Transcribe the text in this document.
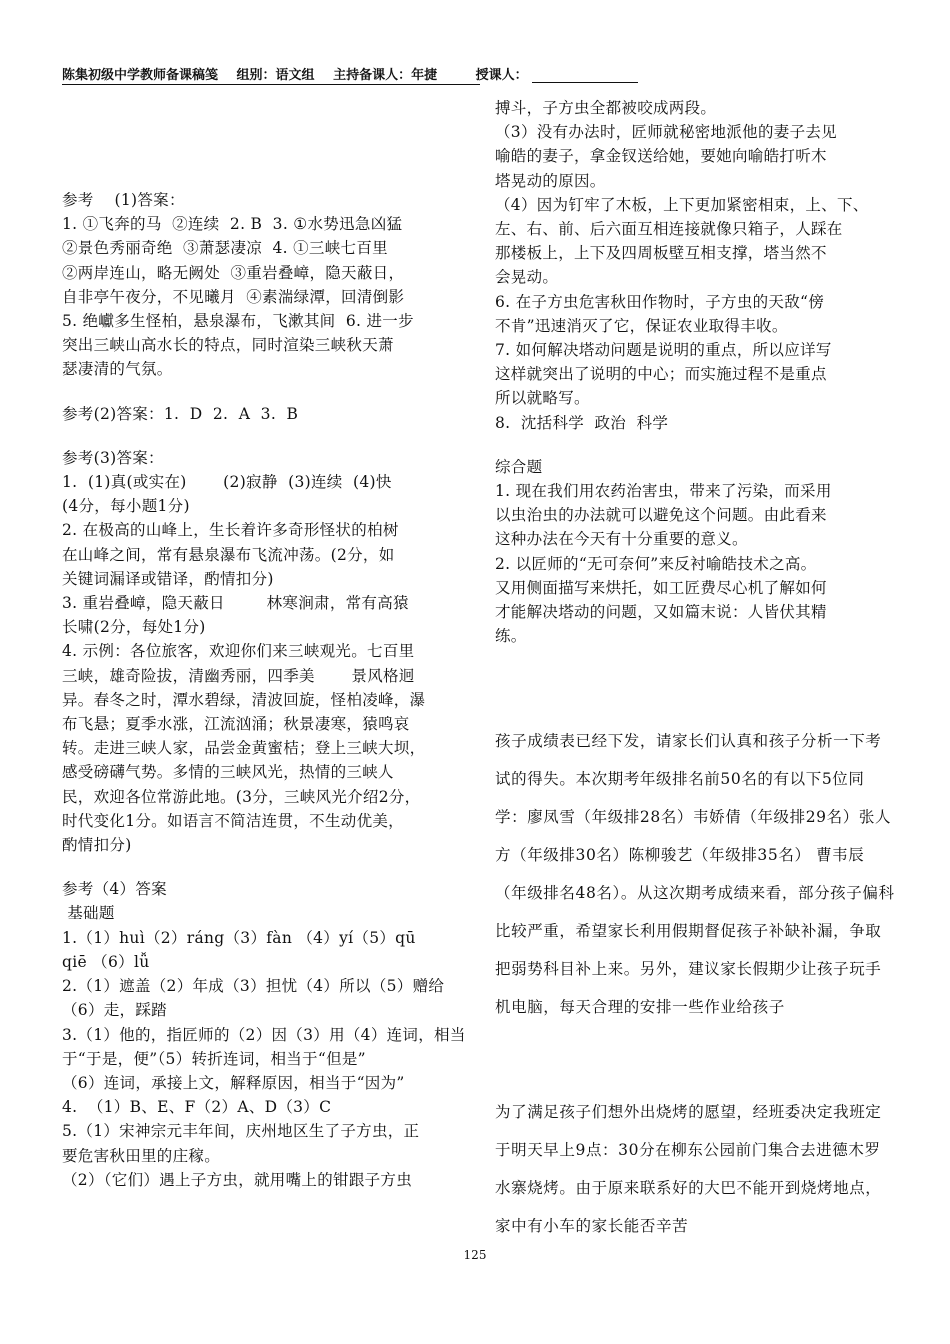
陈集初级中学教师备课稿笺 组别：语文组 主持备课人：年捷	授课人：
参考    (1)答案：
1. ①飞奔的马  ②连续  2. B  3. ①水势迅急凶猛
②景色秀丽奇绝  ③萧瑟凄凉  4. ①三峡七百里
②两岸连山，略无阙处  ③重岩叠嶂，隐天蔽日，
自非亭午夜分，不见曦月  ④素湍绿潭，回清倒影
5. 绝巘多生怪柏，悬泉瀑布，飞漱其间  6. 进一步
突出三峡山高水长的特点，同时渲染三峡秋天萧
瑟凄清的气氛。
参考(2)答案：1.  D  2.  A  3.  B
参考(3)答案：
1.  (1)真(或实在)       (2)寂静  (3)连续  (4)快
(4分，每小题1分)
2. 在极高的山峰上，生长着许多奇形怪状的柏树
在山峰之间，常有悬泉瀑布飞流冲荡。(2分，如
关键词漏译或错译，酌情扣分)
3. 重岩叠嶂，隐天蔽日        林寒涧肃，常有高猿
长啸(2分，每处1分)
4. 示例：各位旅客，欢迎你们来三峡观光。七百里
三峡，雄奇险拔，清幽秀丽，四季美       景风格迥
异。春冬之时，潭水碧绿，清波回旋，怪柏凌峰，瀑
布飞悬；夏季水涨，江流汹涌；秋景凄寒，猿鸣哀
转。走进三峡人家，品尝金黄蜜桔；登上三峡大坝，
感受磅礴气势。多情的三峡风光，热情的三峡人
民，欢迎各位常游此地。(3分，三峡风光介绍2分，
时代变化1分。如语言不简洁连贯，不生动优美，
酌情扣分)
参考（4）答案
基础题
1.（1）huì（2）ráng（3）fàn （4）yí（5）qū
qiē （6）lǚ
2.（1）遮盖（2）年成（3）担忧（4）所以（5）赠给
（6）走，踩踏
3.（1）他的，指匠师的（2）因（3）用（4）连词，相当
于“于是，便”（5）转折连词，相当于“但是”
（6）连词，承接上文，解释原因，相当于“因为”
4.  （1）B、E、F（2）A、D（3）C
5.（1）宋神宗元丰年间，庆州地区生了子方虫，正
要危害秋田里的庄稼。
（2）（它们）遇上子方虫，就用嘴上的钳跟子方虫
搏斗，子方虫全都被咬成两段。
（3）没有办法时，匠师就秘密地派他的妻子去见
喻皓的妻子，拿金钗送给她，要她向喻皓打听木
塔晃动的原因。
（4）因为钉牢了木板，上下更加紧密相束，上、下、
左、右、前、后六面互相连接就像只箱子，人踩在
那楼板上，上下及四周板壁互相支撑，塔当然不
会晃动。
6. 在子方虫危害秋田作物时，子方虫的天敌“傍
不肯”迅速消灭了它，保证农业取得丰收。
7. 如何解决塔动问题是说明的重点，所以应详写
这样就突出了说明的中心；而实施过程不是重点
所以就略写。
8.  沈括科学  政治  科学
综合题
1. 现在我们用农药治害虫，带来了污染，而采用
以虫治虫的办法就可以避免这个问题。由此看来
这种办法在今天有十分重要的意义。
2. 以匠师的“无可奈何”来反衬喻皓技术之高。
又用侧面描写来烘托，如工匠费尽心机了解如何
才能解决塔动的问题，又如篇末说：人皆伏其精
练。
孩子成绩表已经下发，请家长们认真和孩子分析一下考试的得失。本次期考年级排名前50名的有以下5位同学：廖凤雪（年级排28名）韦娇倩（年级排29名）张人方（年级排30名）陈柳骏艺（年级排35名） 曹韦辰（年级排名48名）。从这次期考成绩来看，部分孩子偏科比较严重，希望家长利用假期督促孩子补缺补漏，争取把弱势科目补上来。另外，建议家长假期少让孩子玩手机电脑，每天合理的安排一些作业给孩子
为了满足孩子们想外出烧烤的愿望，经班委决定我班定于明天早上9点：30分在柳东公园前门集合去进德木罗水寨烧烤。由于原来联系好的大巴不能开到烧烤地点，家中有小车的家长能否辛苦
125
